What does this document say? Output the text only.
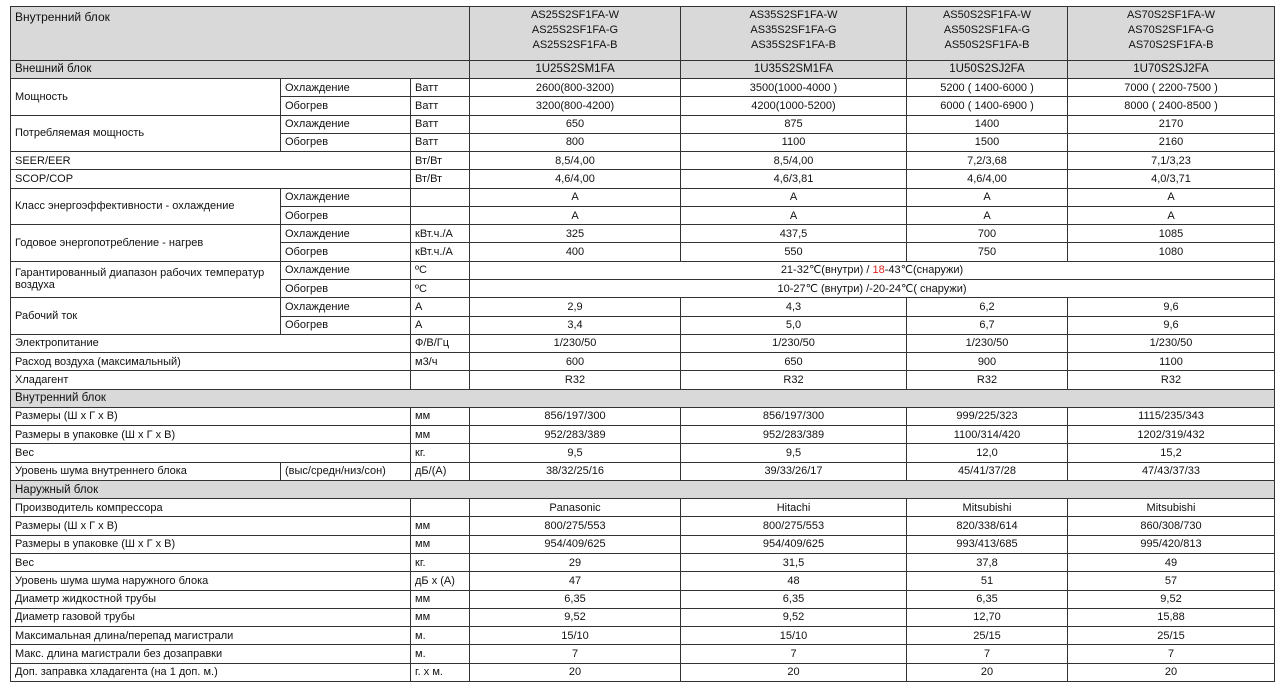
Внутренний блок			AS25S2SF1FA-W
AS25S2SF1FA-G
AS25S2SF1FA-B	AS35S2SF1FA-W
AS35S2SF1FA-G
AS35S2SF1FA-B	AS50S2SF1FA-W
AS50S2SF1FA-G
AS50S2SF1FA-B	AS70S2SF1FA-W
AS70S2SF1FA-G
AS70S2SF1FA-B

Внешний блок			1U25S2SM1FA	1U35S2SM1FA	1U50S2SJ2FA	1U70S2SJ2FA
Мощность	Охлаждение	Ватт	2600(800-3200)	3500(1000-4000 )	5200 ( 1400-6000 )	7000 ( 2200-7500 )
	Обогрев	Ватт	3200(800-4200)	4200(1000-5200)	6000 ( 1400-6900 )	8000 ( 2400-8500 )
Потребляемая мощность	Охлаждение	Ватт	650	875	1400	2170
	Обогрев	Ватт	800	1100	1500	2160
SEER/EER		Вт/Вт	8,5/4,00	8,5/4,00	7,2/3,68	7,1/3,23
SCOP/COP		Вт/Вт	4,6/4,00	4,6/3,81	4,6/4,00	4,0/3,71
Класс энергоэффективности - охлаждение	Охлаждение		A	A	A	A
	Обогрев		A	A	A	A
Годовое энергопотребление - нагрев	Охлаждение	кВт.ч./А	325	437,5	700	1085
	Обогрев	кВт.ч./А	400	550	750	1080
Гарантированный диапазон рабочих температур воздуха	Охлаждение	ºC	21-32℃(внутри) / 18-43℃(снаружи)			
	Обогрев	ºC	10-27℃ (внутри) /-20-24℃( снаружи)			
Рабочий ток	Охлаждение	A	2,9	4,3	6,2	9,6
	Обогрев	A	3,4	5,0	6,7	9,6
Электропитание		Ф/В/Гц	1/230/50	1/230/50	1/230/50	1/230/50
Расход воздуха (максимальный)		м3/ч	600	650	900	1100
Хладагент			R32	R32	R32	R32
Внутренний блок						
Размеры (Ш х Г х В)		мм	856/197/300	856/197/300	999/225/323	1115/235/343
Размеры в упаковке (Ш х Г х В)		мм	952/283/389	952/283/389	1100/314/420	1202/319/432
Вес		кг.	9,5	9,5	12,0	15,2
Уровень шума внутреннего блока	(выс/средн/низ/сон)	дБ/(А)	38/32/25/16	39/33/26/17	45/41/37/28	47/43/37/33
Наружный блок						
Производитель компрессора			Panasonic	Hitachi	Mitsubishi	Mitsubishi
Размеры (Ш х Г х В)		мм	800/275/553	800/275/553	820/338/614	860/308/730
Размеры в упаковке (Ш х Г х В)		мм	954/409/625	954/409/625	993/413/685	995/420/813
Вес		кг.	29	31,5	37,8	49
Уровень шума шума наружного блока		дБ х (А)	47	48	51	57
Диаметр жидкостной трубы		мм	6,35	6,35	6,35	9,52
Диаметр газовой трубы		мм	9,52	9,52	12,70	15,88
Максимальная длина/перепад магистрали		м.	15/10	15/10	25/15	25/15
Макс. длина магистрали без дозаправки		м.	7	7	7	7
Доп. заправка хладагента (на 1 доп. м.)		г. х м.	20	20	20	20
